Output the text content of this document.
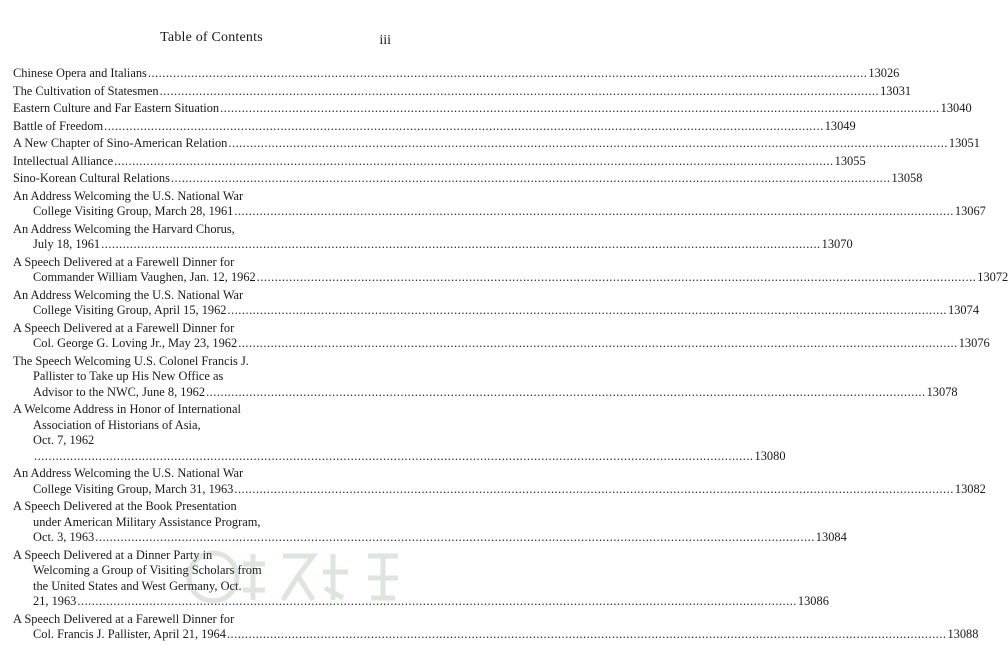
Table of Contents	iii
Chinese Opera and Italians ........................................................................................................................................................................................................ 13026
The Cultivation of Statesmen ........................................................................................................................................................................................................ 13031
Eastern Culture and Far Eastern Situation ........................................................................................................................................................................................................ 13040
Battle of Freedom ........................................................................................................................................................................................................ 13049
A New Chapter of Sino-American Relation ........................................................................................................................................................................................................ 13051
Intellectual Alliance ........................................................................................................................................................................................................ 13055
Sino-Korean Cultural Relations ........................................................................................................................................................................................................ 13058
An Address Welcoming the U.S. National War
College Visiting Group, March 28, 1961 ........................................................................................................................................................................................................ 13067
An Address Welcoming the Harvard Chorus,
July 18, 1961 ........................................................................................................................................................................................................ 13070
A Speech Delivered at a Farewell Dinner for
Commander William Vaughen, Jan. 12, 1962 ........................................................................................................................................................................................................ 13072
An Address Welcoming the U.S. National War
College Visiting Group, April 15, 1962 ........................................................................................................................................................................................................ 13074
A Speech Delivered at a Farewell Dinner for
Col. George G. Loving Jr., May 23, 1962 ........................................................................................................................................................................................................ 13076
The Speech Welcoming U.S. Colonel Francis J.
Pallister to Take up His New Office as
Advisor to the NWC, June 8, 1962 ........................................................................................................................................................................................................ 13078
A Welcome Address in Honor of International
Association of Historians of Asia,
Oct. 7, 1962
........................................................................................................................................................................................................ 13080
An Address Welcoming the U.S. National War
College Visiting Group, March 31, 1963 ........................................................................................................................................................................................................ 13082
A Speech Delivered at the Book Presentation
under American Military Assistance Program,
Oct. 3, 1963 ........................................................................................................................................................................................................ 13084
A Speech Delivered at a Dinner Party in
Welcoming a Group of Visiting Scholars from
the United States and West Germany, Oct.
21, 1963 ........................................................................................................................................................................................................ 13086
A Speech Delivered at a Farewell Dinner for
Col. Francis J. Pallister, April 21, 1964 ........................................................................................................................................................................................................ 13088
